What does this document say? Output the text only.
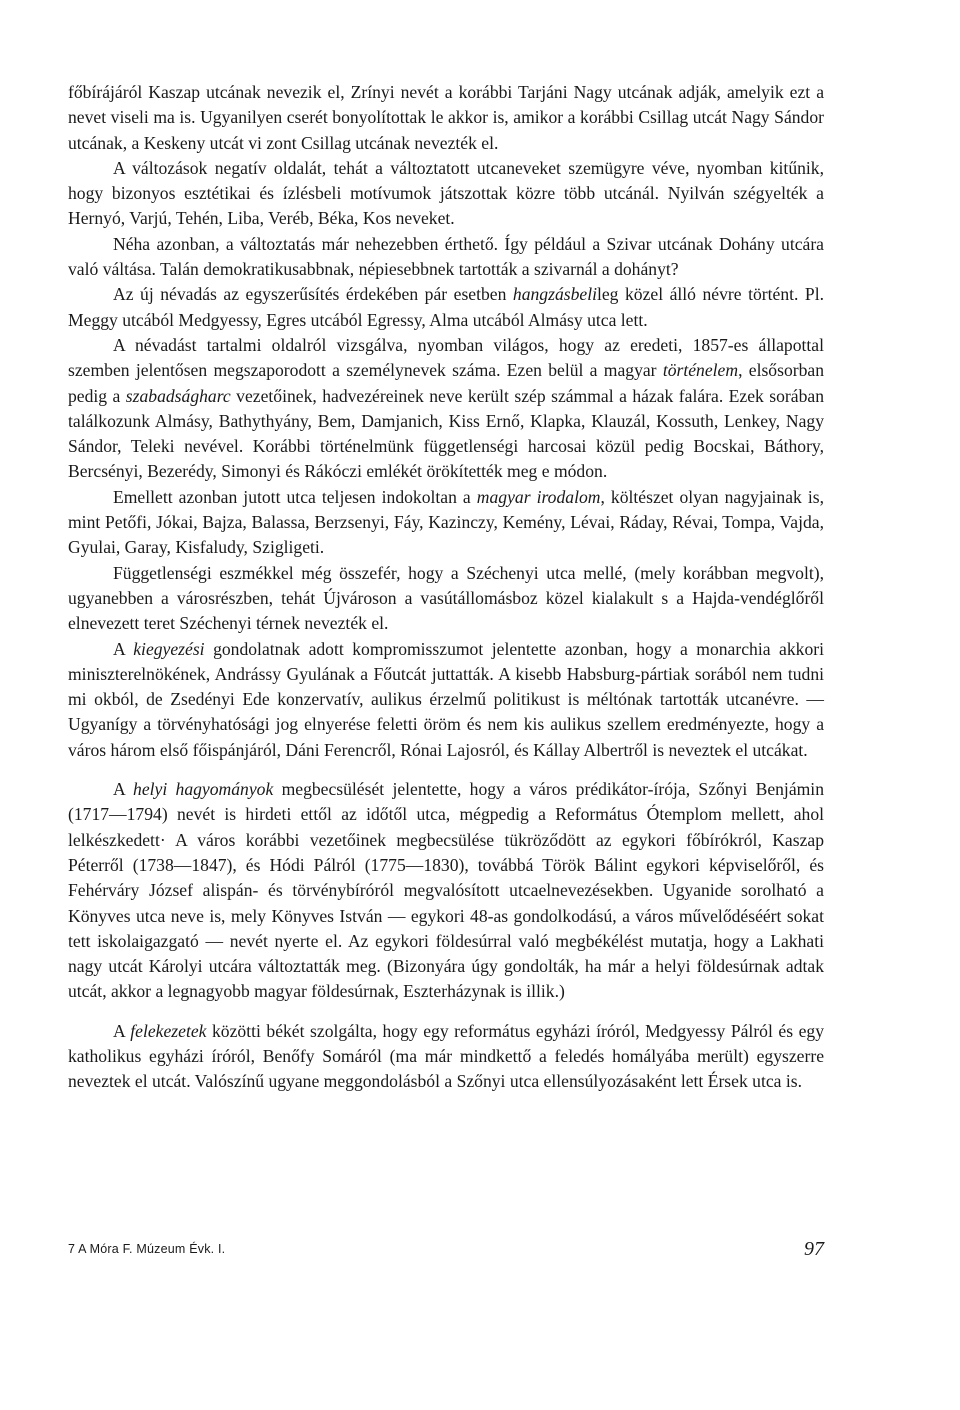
főbírájáról Kaszap utcának nevezik el, Zrínyi nevét a korábbi Tarjáni Nagy utcának adják, amelyik ezt a nevet viseli ma is. Ugyanilyen cserét bonyolítottak le akkor is, amikor a korábbi Csillag utcát Nagy Sándor utcának, a Keskeny utcát vi zont Csillag utcának nevezték el.

A változások negatív oldalát, tehát a változtatott utcaneveket szemügyre véve, nyomban kitűnik, hogy bizonyos esztétikai és ízlésbeli motívumok játszottak közre több utcánál. Nyilván szégyelték a Hernyó, Varjú, Tehén, Liba, Veréb, Béka, Kos neveket.

Néha azonban, a változtatás már nehezebben érthető. Így például a Szivar utcának Dohány utcára való váltása. Talán demokratikusabbnak, népiesebbnek tartották a szivarnál a dohányt?

Az új névadás az egyszerűsítés érdekében pár esetben hangzásbelileg közel álló névre történt. Pl. Meggy utcából Medgyessy, Egres utcából Egressy, Alma utcából Almásy utca lett.

A névadást tartalmi oldalról vizsgálva, nyomban világos, hogy az eredeti, 1857-es állapottal szemben jelentősen megszaporodott a személynevek száma. Ezen belül a magyar történelem, elsősorban pedig a szabadságharc vezetőinek, hadvezéreinek neve került szép számmal a házak falára. Ezek sorában találkozunk Almásy, Bathythyány, Bem, Damjanich, Kiss Ernő, Klapka, Klauzál, Kossuth, Lenkey, Nagy Sándor, Teleki nevével. Korábbi történelmünk függetlenségi harcosai közül pedig Bocskai, Báthory, Bercsényi, Bezerédy, Simonyi és Rákóczi emlékét örökítették meg e módon.

Emellett azonban jutott utca teljesen indokoltan a magyar irodalom, költészet olyan nagyjainak is, mint Petőfi, Jókai, Bajza, Balassa, Berzsenyi, Fáy, Kazinczy, Kemény, Lévai, Ráday, Révai, Tompa, Vajda, Gyulai, Garay, Kisfaludy, Szigligeti.

Függetlenségi eszmékkel még összefér, hogy a Széchenyi utca mellé, (mely korábban megvolt), ugyanebben a városrészben, tehát Újvároson a vasútállomásboz közel kialakult s a Hajda-vendéglőről elnevezett teret Széchenyi térnek nevezték el.

A kiegyezési gondolatnak adott kompromisszumot jelentette azonban, hogy a monarchia akkori miniszterelnökének, Andrássy Gyulának a Főutcát juttatták. A kisebb Habsburg-pártiak sorából nem tudni mi okból, de Zsedényi Ede konzervatív, aulikus érzelmű politikust is méltónak tartották utcanévre. — Ugyanígy a törvényhatósági jog elnyerése feletti öröm és nem kis aulikus szellem eredményezte, hogy a város három első főispánjáról, Dáni Ferencről, Rónai Lajosról, és Kállay Albertről is neveztek el utcákat.

A helyi hagyományok megbecsülését jelentette, hogy a város prédikátor-írója, Szőnyi Benjámin (1717—1794) nevét is hirdeti ettől az időtől utca, mégpedig a Református Ótemplom mellett, ahol lelkészkedett· A város korábbi vezetőinek megbecsülése tükröződött az egykori főbírókról, Kaszap Péterről (1738—1847), és Hódi Pálról (1775—1830), továbbá Török Bálint egykori képviselőről, és Fehérváry József alispán- és törvénybíróról megvalósított utcaelnevezésekben. Ugyanide sorolható a Könyves utca neve is, mely Könyves István — egykori 48-as gondolkodású, a város művelődéséért sokat tett iskolaigazgató — nevét nyerte el. Az egykori földesúrral való megbékélést mutatja, hogy a Lakhati nagy utcát Károlyi utcára változtatták meg. (Bizonyára úgy gondolták, ha már a helyi földesúrnak adtak utcát, akkor a legnagyobb magyar földesúrnak, Eszterházynak is illik.)

A felekezetek közötti békét szolgálta, hogy egy református egyházi íróról, Medgyessy Pálról és egy katholikus egyházi íróról, Benőfy Somáról (ma már mindkettő a feledés homályába merült) egyszerre neveztek el utcát. Valószínű ugyane meggondolásból a Szőnyi utca ellensúlyozásaként lett Érsek utca is.

7 A Móra F. Múzeum Évk. I.	97
